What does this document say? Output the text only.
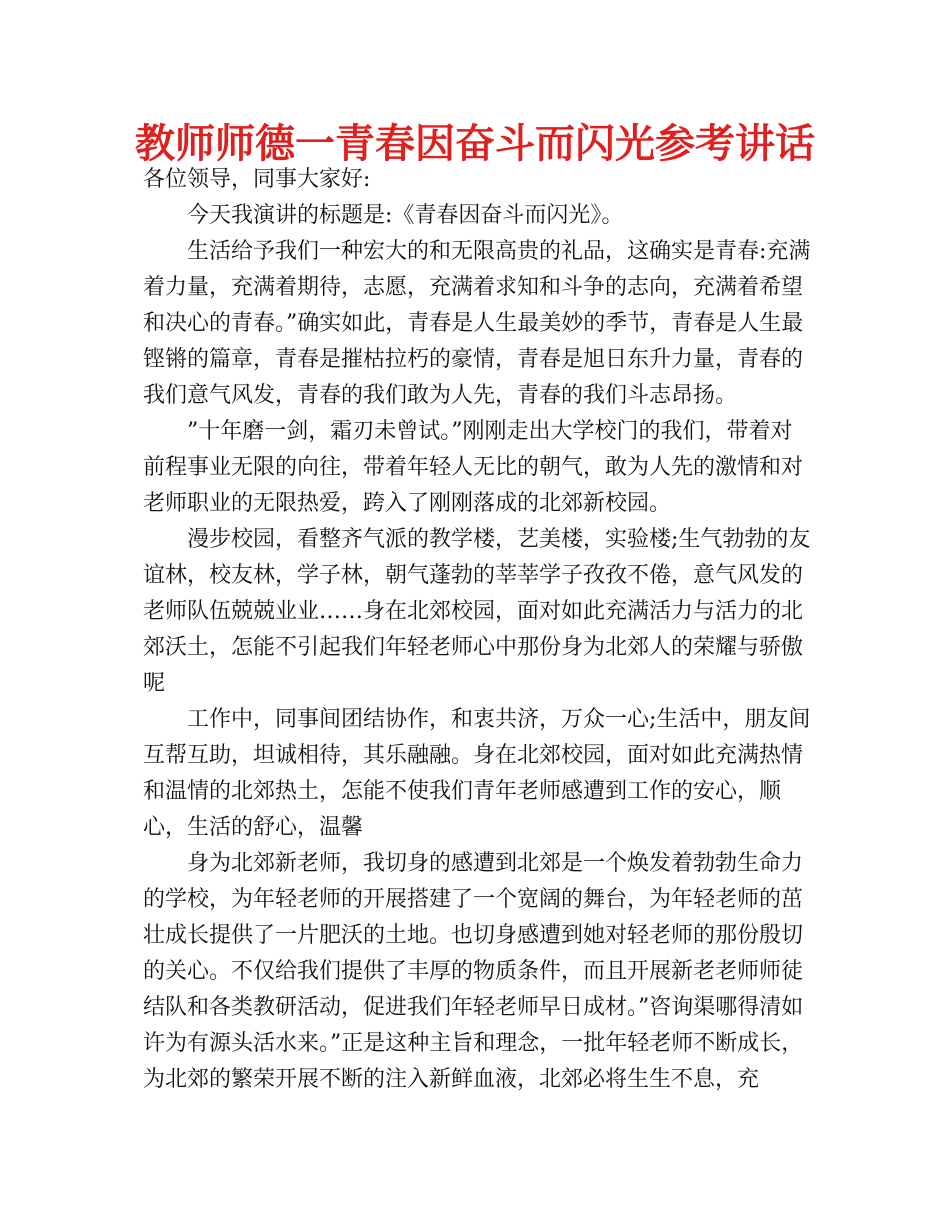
教师师德一青春因奋斗而闪光参考讲话

各位领导，同事大家好:

今天我演讲的标题是:《青春因奋斗而闪光》。

生活给予我们一种宏大的和无限高贵的礼品，这确实是青春:充满着力量，充满着期待，志愿，充满着求知和斗争的志向，充满着希望和决心的青春。”确实如此，青春是人生最美妙的季节，青春是人生最铿锵的篇章，青春是摧枯拉朽的豪情，青春是旭日东升力量，青春的我们意气风发，青春的我们敢为人先，青春的我们斗志昂扬。

”十年磨一剑，霜刃未曾试。”刚刚走出大学校门的我们，带着对前程事业无限的向往，带着年轻人无比的朝气，敢为人先的激情和对老师职业的无限热爱，跨入了刚刚落成的北郊新校园。

漫步校园，看整齐气派的教学楼，艺美楼，实验楼;生气勃勃的友谊林，校友林，学子林，朝气蓬勃的莘莘学子孜孜不倦，意气风发的老师队伍兢兢业业……身在北郊校园，面对如此充满活力与活力的北郊沃土，怎能不引起我们年轻老师心中那份身为北郊人的荣耀与骄傲呢

工作中，同事间团结协作，和衷共济，万众一心;生活中，朋友间互帮互助，坦诚相待，其乐融融。身在北郊校园，面对如此充满热情和温情的北郊热土，怎能不使我们青年老师感遭到工作的安心，顺心，生活的舒心，温馨

身为北郊新老师，我切身的感遭到北郊是一个焕发着勃勃生命力的学校，为年轻老师的开展搭建了一个宽阔的舞台，为年轻老师的茁壮成长提供了一片肥沃的土地。也切身感遭到她对轻老师的那份殷切的关心。不仅给我们提供了丰厚的物质条件，而且开展新老老师师徒结队和各类教研活动，促进我们年轻老师早日成材。”咨询渠哪得清如许为有源头活水来。”正是这种主旨和理念，一批年轻老师不断成长，为北郊的繁荣开展不断的注入新鲜血液，北郊必将生生不息，充
